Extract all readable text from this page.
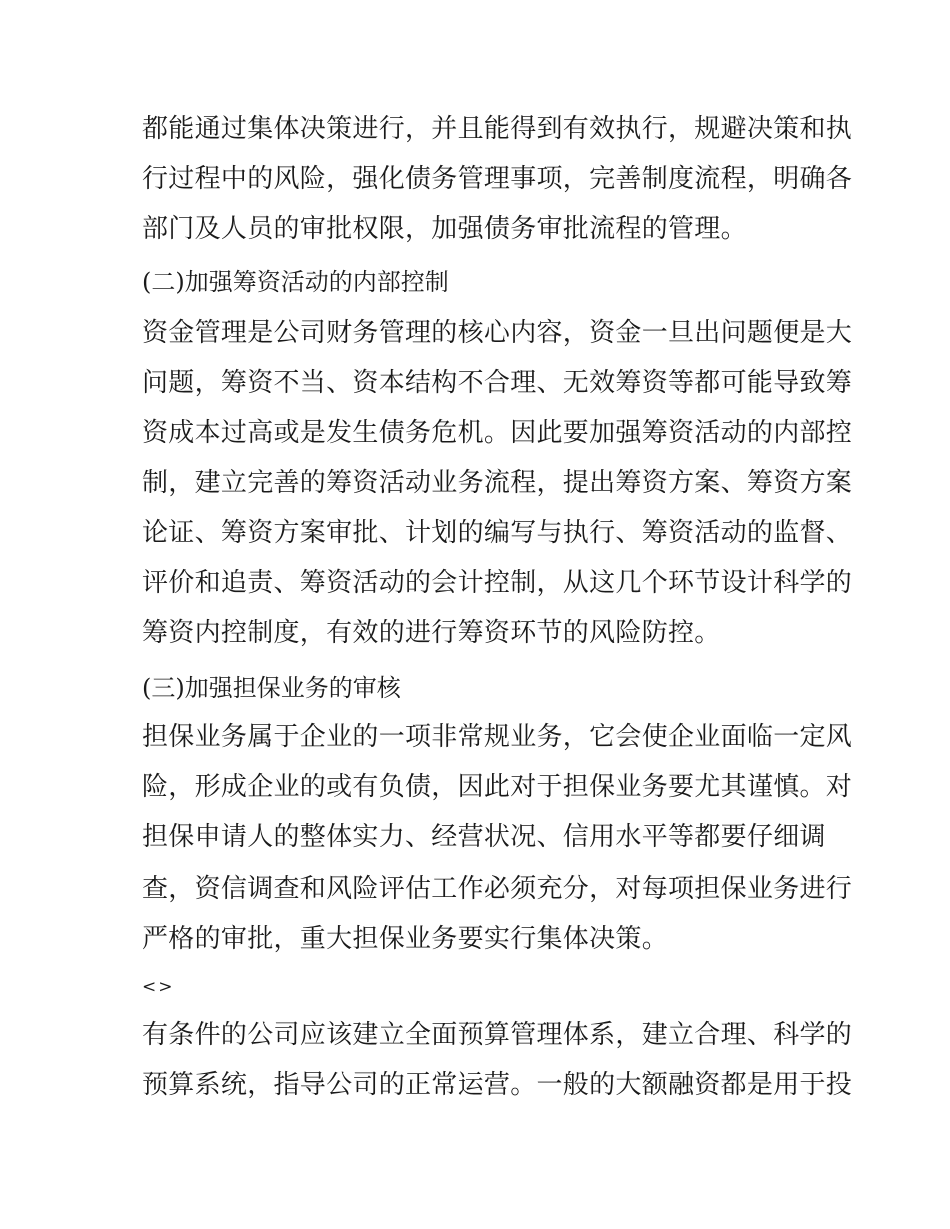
都能通过集体决策进行，并且能得到有效执行，规避决策和执
行过程中的风险，强化债务管理事项，完善制度流程，明确各
部门及人员的审批权限，加强债务审批流程的管理。
(二)加强筹资活动的内部控制
资金管理是公司财务管理的核心内容，资金一旦出问题便是大
问题，筹资不当、资本结构不合理、无效筹资等都可能导致筹
资成本过高或是发生债务危机。因此要加强筹资活动的内部控
制，建立完善的筹资活动业务流程，提出筹资方案、筹资方案
论证、筹资方案审批、计划的编写与执行、筹资活动的监督、
评价和追责、筹资活动的会计控制，从这几个环节设计科学的
筹资内控制度，有效的进行筹资环节的风险防控。
(三)加强担保业务的审核
担保业务属于企业的一项非常规业务，它会使企业面临一定风
险，形成企业的或有负债，因此对于担保业务要尤其谨慎。对
担保申请人的整体实力、经营状况、信用水平等都要仔细调
查，资信调查和风险评估工作必须充分，对每项担保业务进行
严格的审批，重大担保业务要实行集体决策。
<>
有条件的公司应该建立全面预算管理体系，建立合理、科学的
预算系统，指导公司的正常运营。一般的大额融资都是用于投
